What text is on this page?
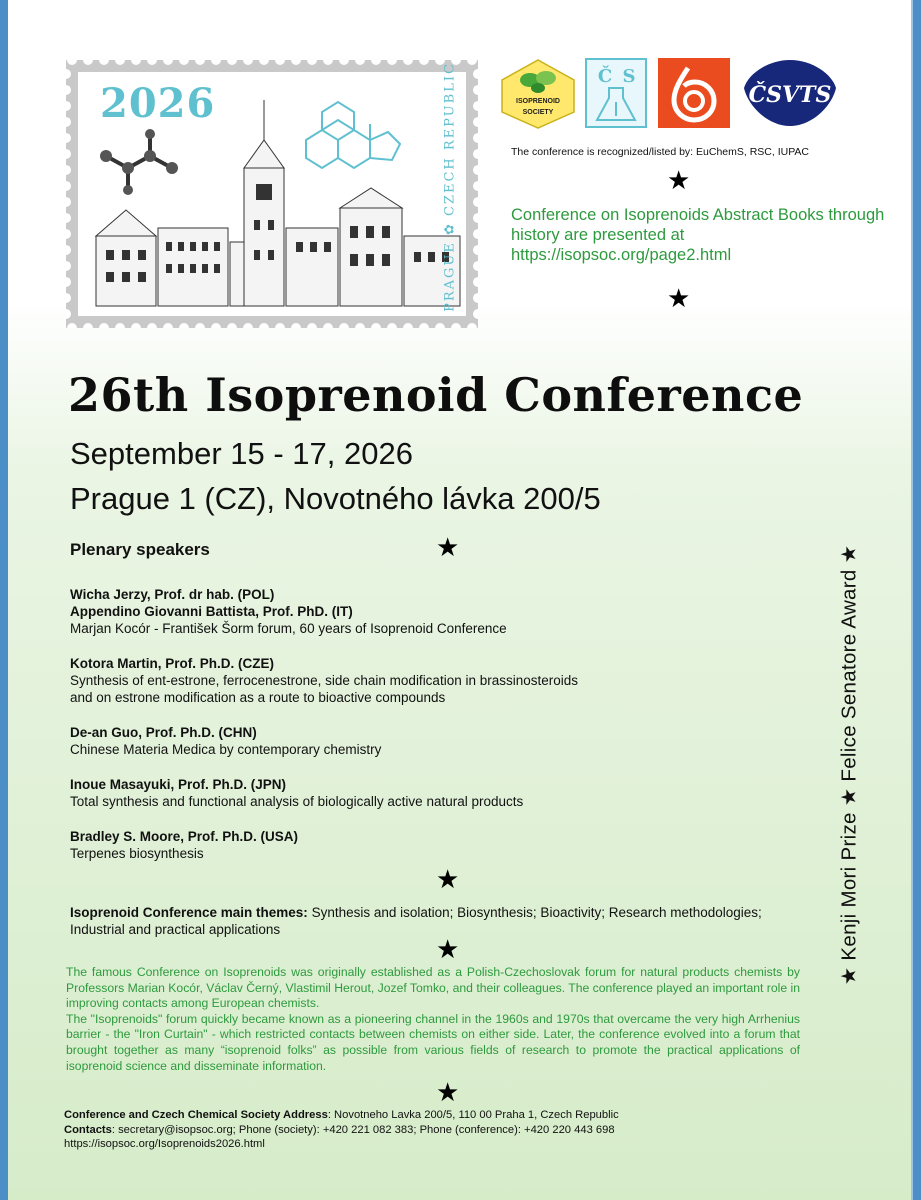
2026	PRAGUE ✿ CZECH REPUBLIC	ISOPRENOID
SOCIETY
Č S
ČSVTS
The conference is recognized/listed by: EuChemS, RSC, IUPAC
★
Conference on Isoprenoids Abstract Books through history are presented at https://isopsoc.org/page2.html
★
26th Isoprenoid Conference
September 15 - 17, 2026
Prague 1 (CZ), Novotného lávka 200/5
Plenary speakers	★
Wicha Jerzy, Prof. dr hab. (POL)
Appendino Giovanni Battista, Prof. PhD. (IT)
Marjan Kocór - František Šorm forum, 60 years of Isoprenoid Conference
Kotora Martin, Prof. Ph.D. (CZE)
Synthesis of ent-estrone, ferrocenestrone, side chain modification in brassinosteroids
and on estrone modification as a route to bioactive compounds
De-an Guo, Prof. Ph.D. (CHN)
Chinese Materia Medica by contemporary chemistry
Inoue Masayuki, Prof. Ph.D. (JPN)
Total synthesis and functional analysis of biologically active natural products
Bradley S. Moore, Prof. Ph.D. (USA)
Terpenes biosynthesis
★
Isoprenoid Conference main themes: Synthesis and isolation; Biosynthesis; Bioactivity; Research methodologies; Industrial and practical applications
★

The famous Conference on Isoprenoids was originally established as a Polish-Czechoslovak forum for natural products chemists by Professors Marian Kocór, Václav Černý, Vlastimil Herout, Jozef Tomko, and their colleagues. The conference played an important role in improving contacts among European chemists.

The "Isoprenoids" forum quickly became known as a pioneering channel in the 1960s and 1970s that overcame the very high Arrhenius barrier - the "Iron Curtain" - which restricted contacts between chemists on either side. Later, the conference evolved into a forum that brought together as many “isoprenoid folks” as possible from various fields of research to promote the practical applications of isoprenoid science and disseminate information.

★
Conference and Czech Chemical Society Address: Novotneho Lavka 200/5, 110 00 Praha 1, Czech Republic
Contacts: secretary@isopsoc.org; Phone (society): +420 221 082 383; Phone (conference): +420 220 443 698
https://isopsoc.org/Isoprenoids2026.html
★ Kenji Mori Prize ★ Felice Senatore Award ★
